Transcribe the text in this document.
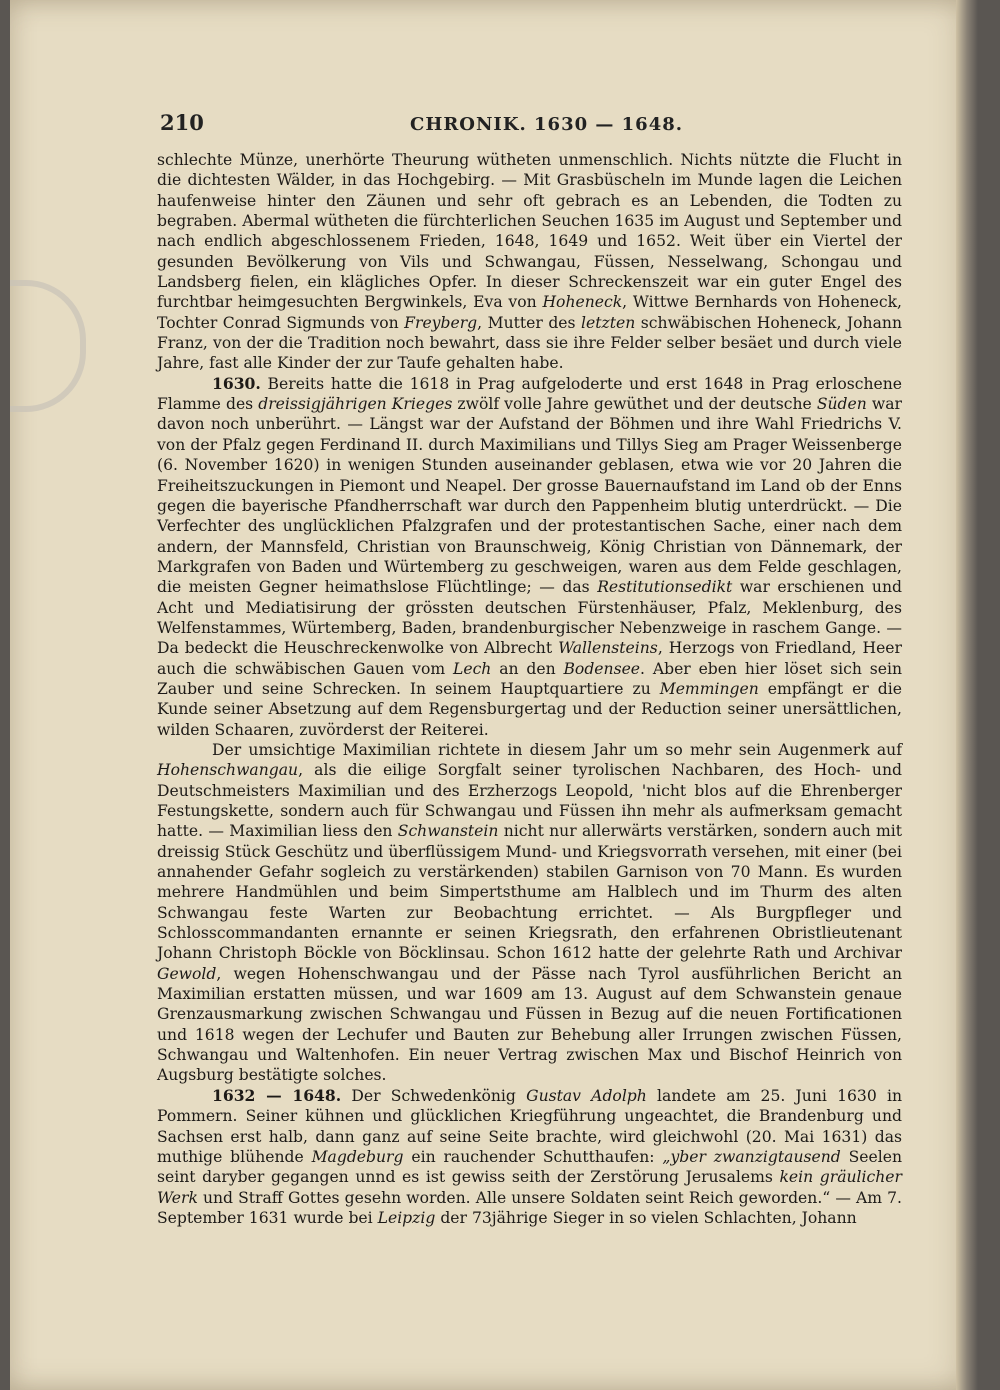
210	CHRONIK. 1630 — 1648.

schlechte Münze, unerhörte Theurung wütheten unmenschlich. Nichts nützte die Flucht in die dichtesten Wälder, in das Hochgebirg. — Mit Grasbüscheln im Munde lagen die Leichen haufenweise hinter den Zäunen und sehr oft gebrach es an Lebenden, die Todten zu begraben. Abermal wütheten die fürchterlichen Seuchen 1635 im August und September und nach endlich abgeschlossenem Frieden, 1648, 1649 und 1652. Weit über ein Viertel der gesunden Bevölkerung von Vils und Schwangau, Füssen, Nesselwang, Schongau und Landsberg fielen, ein klägliches Opfer. In dieser Schreckenszeit war ein guter Engel des furchtbar heimgesuchten Bergwinkels, Eva von Hoheneck, Wittwe Bernhards von Hoheneck, Tochter Conrad Sigmunds von Freyberg, Mutter des letzten schwäbischen Hoheneck, Johann Franz, von der die Tradition noch bewahrt, dass sie ihre Felder selber besäet und durch viele Jahre, fast alle Kinder der zur Taufe gehalten habe.

1630. Bereits hatte die 1618 in Prag aufgeloderte und erst 1648 in Prag erloschene Flamme des dreissigjährigen Krieges zwölf volle Jahre gewüthet und der deutsche Süden war davon noch unberührt. — Längst war der Aufstand der Böhmen und ihre Wahl Friedrichs V. von der Pfalz gegen Ferdinand II. durch Maximilians und Tillys Sieg am Prager Weissenberge (6. November 1620) in wenigen Stunden auseinander geblasen, etwa wie vor 20 Jahren die Freiheitszuckungen in Piemont und Neapel. Der grosse Bauernaufstand im Land ob der Enns gegen die bayerische Pfandherrschaft war durch den Pappenheim blutig unterdrückt. — Die Verfechter des unglücklichen Pfalzgrafen und der protestantischen Sache, einer nach dem andern, der Mannsfeld, Christian von Braunschweig, König Christian von Dännemark, der Markgrafen von Baden und Würtemberg zu geschweigen, waren aus dem Felde geschlagen, die meisten Gegner heimathslose Flüchtlinge; — das Restitutionsedikt war erschienen und Acht und Mediatisirung der grössten deutschen Fürstenhäuser, Pfalz, Meklenburg, des Welfenstammes, Würtemberg, Baden, brandenburgischer Nebenzweige in raschem Gange. — Da bedeckt die Heuschreckenwolke von Albrecht Wallensteins, Herzogs von Friedland, Heer auch die schwäbischen Gauen vom Lech an den Bodensee. Aber eben hier löset sich sein Zauber und seine Schrecken. In seinem Hauptquartiere zu Memmingen empfängt er die Kunde seiner Absetzung auf dem Regensburgertag und der Reduction seiner unersättlichen, wilden Schaaren, zuvörderst der Reiterei.

Der umsichtige Maximilian richtete in diesem Jahr um so mehr sein Augenmerk auf Hohenschwangau, als die eilige Sorgfalt seiner tyrolischen Nachbaren, des Hoch- und Deutschmeisters Maximilian und des Erzherzogs Leopold, 'nicht blos auf die Ehrenberger Festungskette, sondern auch für Schwangau und Füssen ihn mehr als aufmerksam gemacht hatte. — Maximilian liess den Schwanstein nicht nur allerwärts verstärken, sondern auch mit dreissig Stück Geschütz und überflüssigem Mund- und Kriegsvorrath versehen, mit einer (bei annahender Gefahr sogleich zu verstärkenden) stabilen Garnison von 70 Mann. Es wurden mehrere Handmühlen und beim Simpertsthume am Halblech und im Thurm des alten Schwangau feste Warten zur Beobachtung errichtet. — Als Burgpfleger und Schlosscommandanten ernannte er seinen Kriegsrath, den erfahrenen Obristlieutenant Johann Christoph Böckle von Böcklinsau. Schon 1612 hatte der gelehrte Rath und Archivar Gewold, wegen Hohenschwangau und der Pässe nach Tyrol ausführlichen Bericht an Maximilian erstatten müssen, und war 1609 am 13. August auf dem Schwanstein genaue Grenzausmarkung zwischen Schwangau und Füssen in Bezug auf die neuen Fortificationen und 1618 wegen der Lechufer und Bauten zur Behebung aller Irrungen zwischen Füssen, Schwangau und Waltenhofen. Ein neuer Vertrag zwischen Max und Bischof Heinrich von Augsburg bestätigte solches.

1632 — 1648. Der Schwedenkönig Gustav Adolph landete am 25. Juni 1630 in Pommern. Seiner kühnen und glücklichen Kriegführung ungeachtet, die Brandenburg und Sachsen erst halb, dann ganz auf seine Seite brachte, wird gleichwohl (20. Mai 1631) das muthige blühende Magdeburg ein rauchender Schutthaufen: „yber zwanzigtausend Seelen seint daryber gegangen unnd es ist gewiss seith der Zerstörung Jerusalems kein gräulicher Werk und Straff Gottes gesehn worden. Alle unsere Soldaten seint Reich geworden.“ — Am 7. September 1631 wurde bei Leipzig der 73jährige Sieger in so vielen Schlachten, Johann
